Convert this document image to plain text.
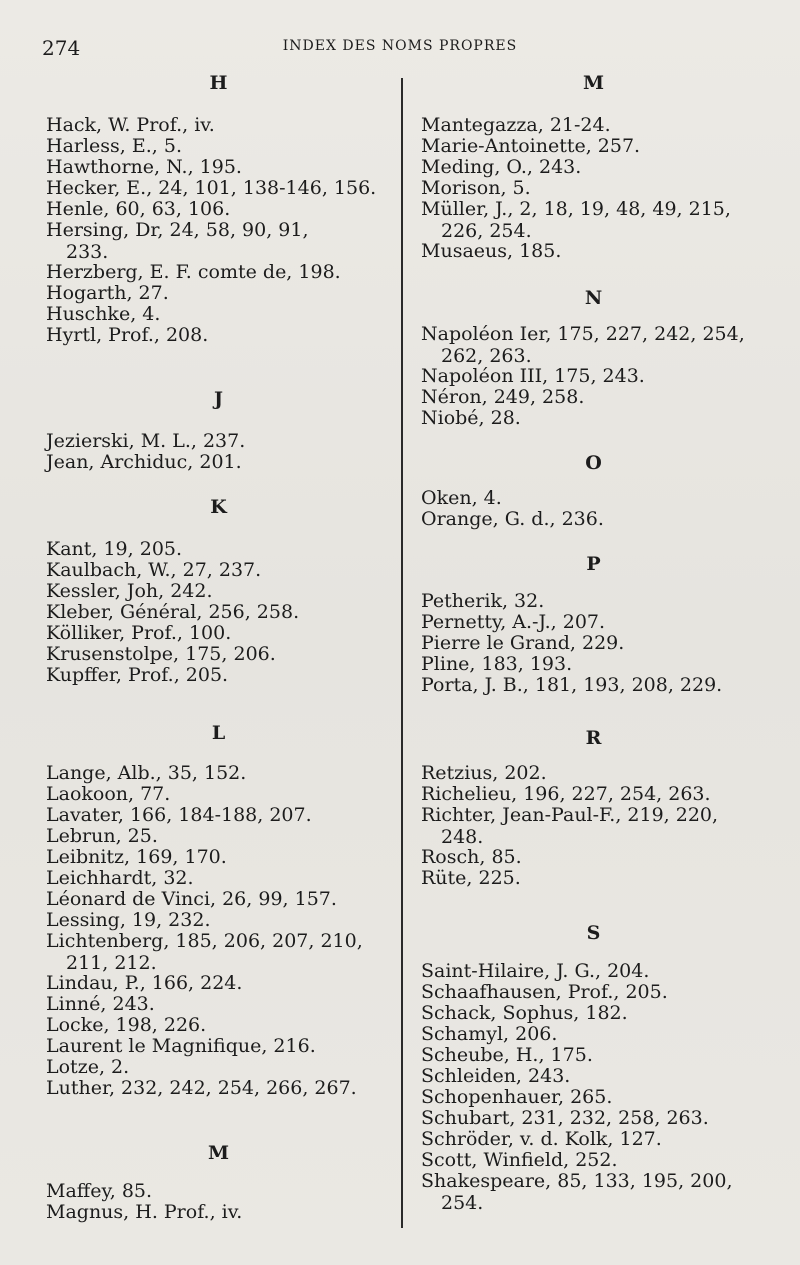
274	INDEX DES NOMS PROPRES
H
Hack, W. Prof., iv.
Harless, E., 5.
Hawthorne, N., 195.
Hecker, E., 24, 101, 138-146, 156.
Henle, 60, 63, 106.
Hersing, Dr, 24, 58, 90, 91,
233.
Herzberg, E. F. comte de, 198.
Hogarth, 27.
Huschke, 4.
Hyrtl, Prof., 208.
J
Jezierski, M. L., 237.
Jean, Archiduc, 201.
K
Kant, 19, 205.
Kaulbach, W., 27, 237.
Kessler, Joh, 242.
Kleber, Général, 256, 258.
Kölliker, Prof., 100.
Krusenstolpe, 175, 206.
Kupffer, Prof., 205.
L
Lange, Alb., 35, 152.
Laokoon, 77.
Lavater, 166, 184-188, 207.
Lebrun, 25.
Leibnitz, 169, 170.
Leichhardt, 32.
Léonard de Vinci, 26, 99, 157.
Lessing, 19, 232.
Lichtenberg, 185, 206, 207, 210,
211, 212.
Lindau, P., 166, 224.
Linné, 243.
Locke, 198, 226.
Laurent le Magnifique, 216.
Lotze, 2.
Luther, 232, 242, 254, 266, 267.
M
Maffey, 85.
Magnus, H. Prof., iv.
M
Mantegazza, 21-24.
Marie-Antoinette, 257.
Meding, O., 243.
Morison, 5.
Müller, J., 2, 18, 19, 48, 49, 215,
226, 254.
Musaeus, 185.
N
Napoléon Ier, 175, 227, 242, 254,
262, 263.
Napoléon III, 175, 243.
Néron, 249, 258.
Niobé, 28.
O
Oken, 4.
Orange, G. d., 236.
P
Petherik, 32.
Pernetty, A.-J., 207.
Pierre le Grand, 229.
Pline, 183, 193.
Porta, J. B., 181, 193, 208, 229.
R
Retzius, 202.
Richelieu, 196, 227, 254, 263.
Richter, Jean-Paul-F., 219, 220,
248.
Rosch, 85.
Rüte, 225.
S
Saint-Hilaire, J. G., 204.
Schaafhausen, Prof., 205.
Schack, Sophus, 182.
Schamyl, 206.
Scheube, H., 175.
Schleiden, 243.
Schopenhauer, 265.
Schubart, 231, 232, 258, 263.
Schröder, v. d. Kolk, 127.
Scott, Winfield, 252.
Shakespeare, 85, 133, 195, 200,
254.
